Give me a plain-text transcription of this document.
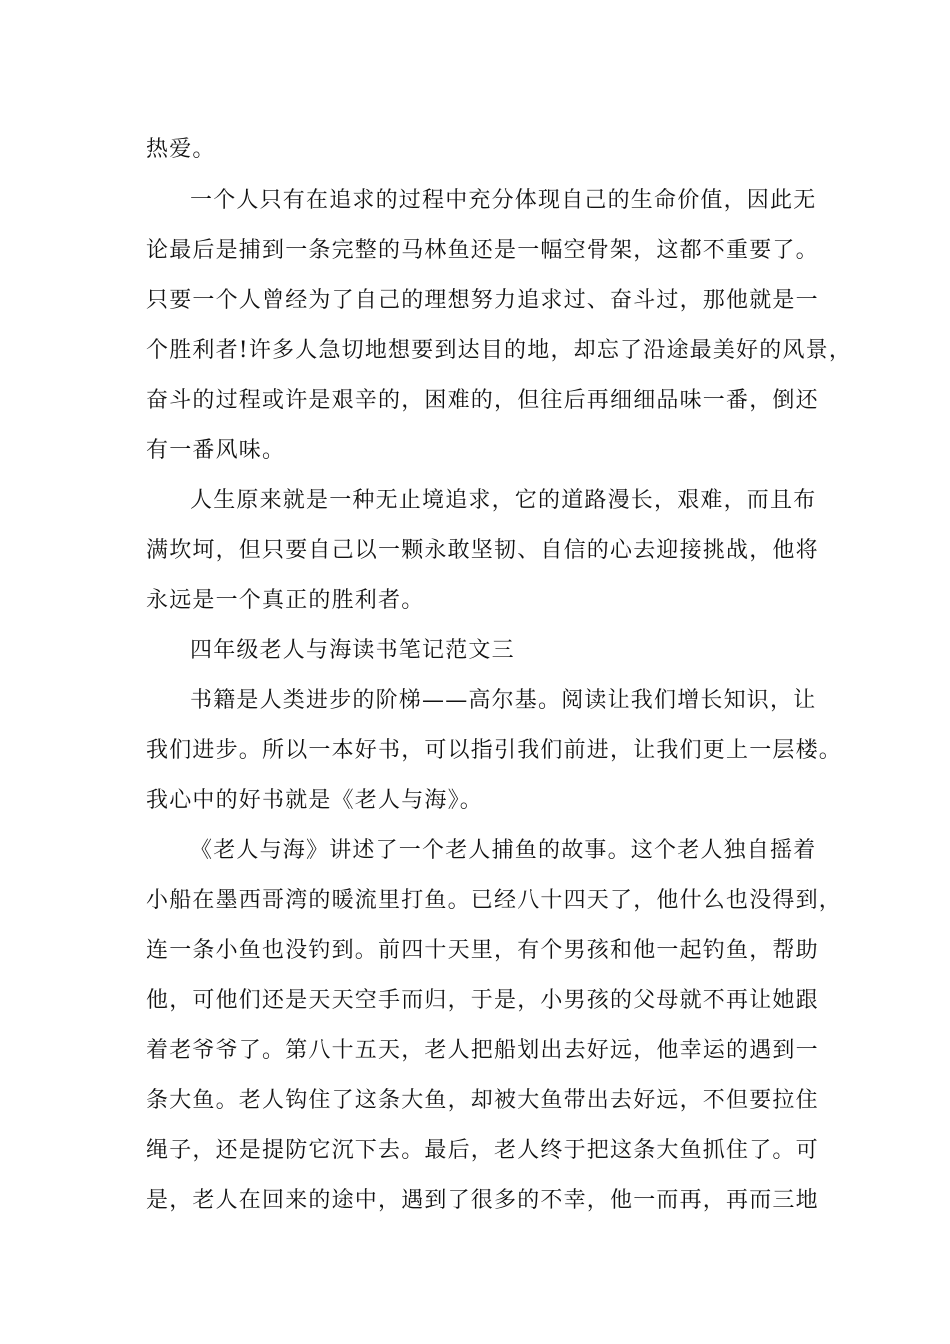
热爱。
一个人只有在追求的过程中充分体现自己的生命价值，因此无
论最后是捕到一条完整的马林鱼还是一幅空骨架，这都不重要了。
只要一个人曾经为了自己的理想努力追求过、奋斗过，那他就是一
个胜利者!许多人急切地想要到达目的地，却忘了沿途最美好的风景，
奋斗的过程或许是艰辛的，困难的，但往后再细细品味一番，倒还
有一番风味。
人生原来就是一种无止境追求，它的道路漫长，艰难，而且布
满坎坷，但只要自己以一颗永敢坚韧、自信的心去迎接挑战，他将
永远是一个真正的胜利者。
四年级老人与海读书笔记范文三
书籍是人类进步的阶梯——高尔基。阅读让我们增长知识，让
我们进步。所以一本好书，可以指引我们前进，让我们更上一层楼。
我心中的好书就是《老人与海》。
《老人与海》讲述了一个老人捕鱼的故事。这个老人独自摇着
小船在墨西哥湾的暖流里打鱼。已经八十四天了，他什么也没得到，
连一条小鱼也没钓到。前四十天里，有个男孩和他一起钓鱼，帮助
他，可他们还是天天空手而归，于是，小男孩的父母就不再让她跟
着老爷爷了。第八十五天，老人把船划出去好远，他幸运的遇到一
条大鱼。老人钩住了这条大鱼，却被大鱼带出去好远，不但要拉住
绳子，还是提防它沉下去。最后，老人终于把这条大鱼抓住了。可
是，老人在回来的途中，遇到了很多的不幸，他一而再，再而三地
